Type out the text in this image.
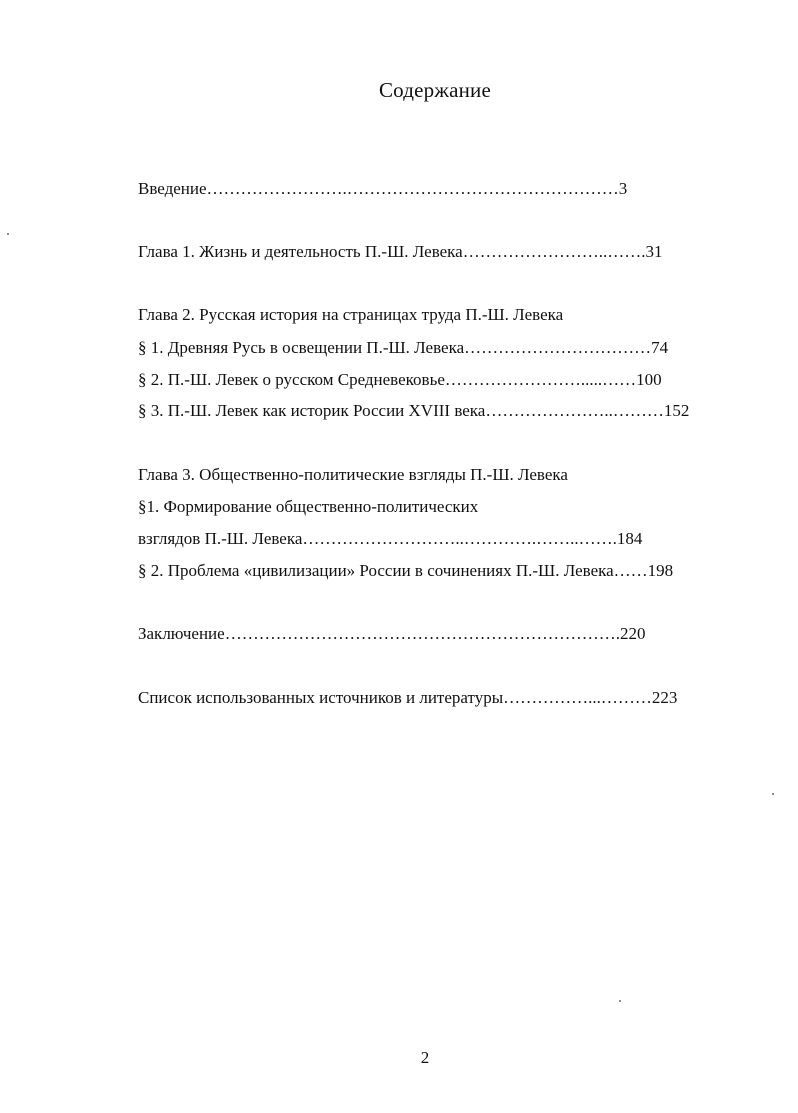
Содержание
Введение…………………….…………………………………………3
Глава 1. Жизнь и деятельность П.-Ш. Левека……………………..…….31
Глава 2. Русская история на страницах труда П.-Ш. Левека
§ 1. Древняя Русь в освещении П.-Ш. Левека……………………………74
§ 2. П.-Ш. Левек о русском Средневековье…………………….....……100
§ 3. П.-Ш. Левек как историк России XVIII века…………………..………152
Глава 3. Общественно-политические взгляды П.-Ш. Левека
§1. Формирование общественно-политических
взглядов П.-Ш. Левека………………………..………….……..…….184
§ 2. Проблема «цивилизации» России в сочинениях П.-Ш. Левека……198
Заключение…………………………………………………………….220
Список использованных источников и литературы……………...………223
2
